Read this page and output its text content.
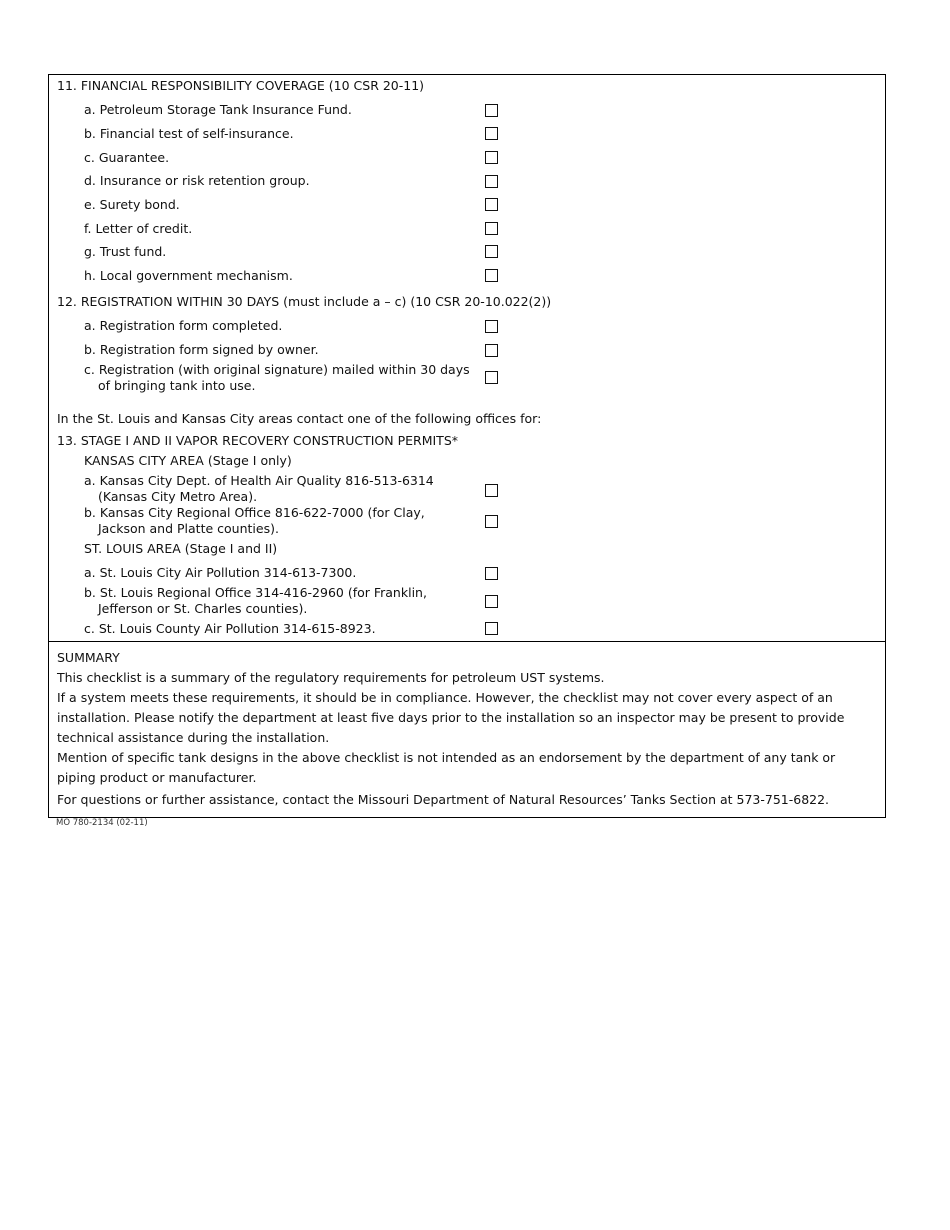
11. FINANCIAL RESPONSIBILITY COVERAGE (10 CSR 20-11)
a. Petroleum Storage Tank Insurance Fund.
b. Financial test of self-insurance.
c. Guarantee.
d. Insurance or risk retention group.
e. Surety bond.
f. Letter of credit.
g. Trust fund.
h. Local government mechanism.
12. REGISTRATION WITHIN 30 DAYS (must include a – c) (10 CSR 20-10.022(2))
a. Registration form completed.
b. Registration form signed by owner.
c. Registration (with original signature) mailed within 30 days
of bringing tank into use.
In the St. Louis and Kansas City areas contact one of the following offices for:
13. STAGE I AND II VAPOR RECOVERY CONSTRUCTION PERMITS*
KANSAS CITY AREA (Stage I only)
a. Kansas City Dept. of Health Air Quality 816-513-6314
(Kansas City Metro Area).
b. Kansas City Regional Office 816-622-7000 (for Clay,
Jackson and Platte counties).
ST. LOUIS AREA (Stage I and II)
a. St. Louis City Air Pollution 314-613-7300.
b. St. Louis Regional Office 314-416-2960 (for Franklin,
Jefferson or St. Charles counties).
c. St. Louis County Air Pollution 314-615-8923.

SUMMARY

This checklist is a summary of the regulatory requirements for petroleum UST systems.

If a system meets these requirements, it should be in compliance. However, the checklist may not cover every aspect of an installation. Please notify the department at least five days prior to the installation so an inspector may be present to provide technical assistance during the installation.

Mention of specific tank designs in the above checklist is not intended as an endorsement by the department of any tank or piping product or manufacturer.

For questions or further assistance, contact the Missouri Department of Natural Resources’ Tanks Section at 573-751-6822.

MO 780-2134 (02-11)
